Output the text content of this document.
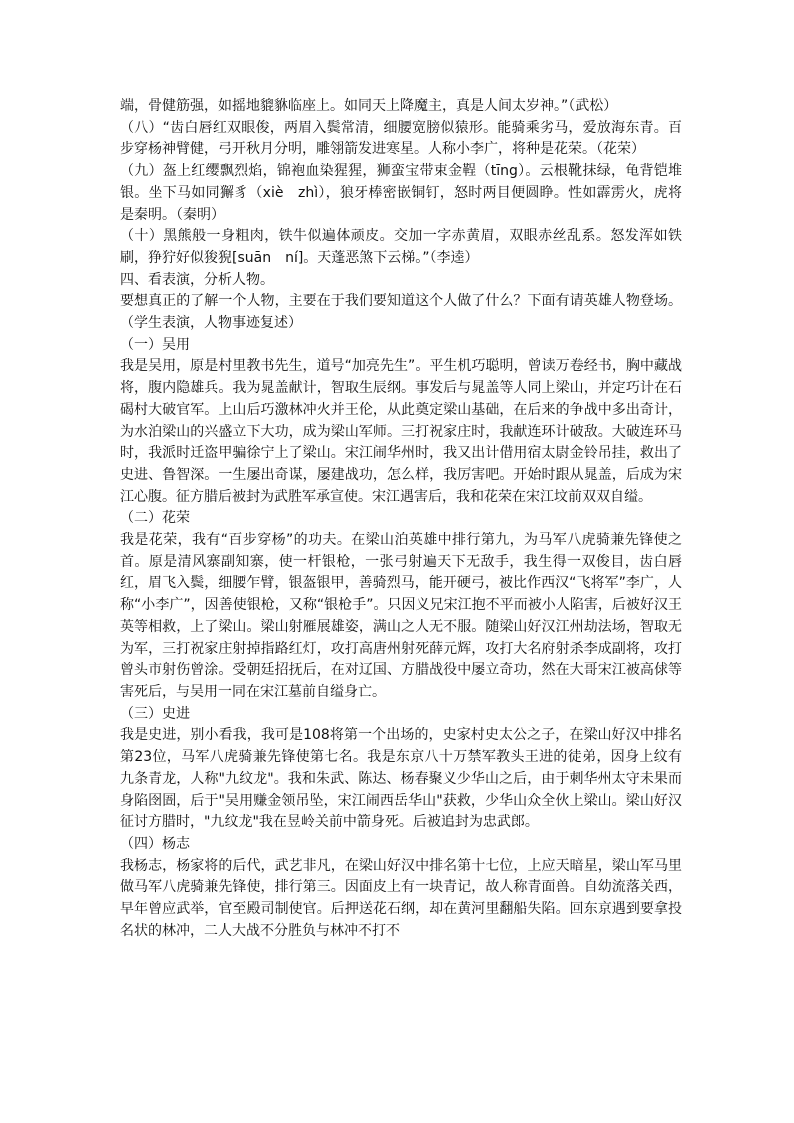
端，骨健筋强，如摇地貔貅临座上。如同天上降魔主，真是人间太岁神。”（武松）

（八）“齿白唇红双眼俊，两眉入鬓常清，细腰宽膀似猿形。能骑乘劣马，爱放海东青。百步穿杨神臂健，弓开秋月分明，雕翎箭发进寒星。人称小李广，将种是花荣。（花荣）

（九）盔上红缨飘烈焰，锦袍血染猩猩，狮蛮宝带束金鞓（tīng）。云根靴抹绿，龟背铠堆银。坐下马如同獬豸（xiè　zhì），狼牙棒密嵌铜钉，怒时两目便圆睁。性如霹雳火，虎将是秦明。（秦明）

（十）黑熊般一身粗肉，铁牛似遍体顽皮。交加一字赤黄眉，双眼赤丝乱系。怒发浑如铁刷，狰狞好似狻猊[suān　ní]。天蓬恶煞下云梯。”（李逵）

四、看表演，分析人物。

要想真正的了解一个人物，主要在于我们要知道这个人做了什么？下面有请英雄人物登场。（学生表演，人物事迹复述）

（一）吴用

我是吴用，原是村里教书先生，道号“加亮先生”。平生机巧聪明，曾读万卷经书，胸中藏战将，腹内隐雄兵。我为晁盖献计，智取生辰纲。事发后与晁盖等人同上梁山，并定巧计在石碣村大破官军。上山后巧激林冲火并王伦，从此奠定梁山基础，在后来的争战中多出奇计，为水泊梁山的兴盛立下大功，成为梁山军师。三打祝家庄时，我献连环计破敌。大破连环马时，我派时迁盗甲骗徐宁上了梁山。宋江闹华州时，我又出计借用宿太尉金铃吊挂，救出了史进、鲁智深。一生屡出奇谋，屡建战功，怎么样，我厉害吧。开始时跟从晁盖，后成为宋江心腹。征方腊后被封为武胜军承宣使。宋江遇害后，我和花荣在宋江坟前双双自缢。

（二）花荣

我是花荣，我有“百步穿杨”的功夫。在梁山泊英雄中排行第九，为马军八虎骑兼先锋使之首。原是清风寨副知寨，使一杆银枪，一张弓射遍天下无敌手，我生得一双俊目，齿白唇红，眉飞入鬓，细腰乍臂，银盔银甲，善骑烈马，能开硬弓，被比作西汉“飞将军”李广，人称“小李广”，因善使银枪，又称“银枪手”。只因义兄宋江抱不平而被小人陷害，后被好汉王英等相救，上了梁山。梁山射雁展雄姿，满山之人无不服。随梁山好汉江州劫法场，智取无为军，三打祝家庄射掉指路红灯，攻打高唐州射死薛元辉，攻打大名府射杀李成副将，攻打曾头市射伤曾涂。受朝廷招抚后，在对辽国、方腊战役中屡立奇功，然在大哥宋江被高俅等害死后，与吴用一同在宋江墓前自缢身亡。

（三）史进

我是史进，别小看我，我可是108将第一个出场的，史家村史太公之子，在梁山好汉中排名第23位，马军八虎骑兼先锋使第七名。我是东京八十万禁军教头王进的徒弟，因身上纹有九条青龙，人称"九纹龙"。我和朱武、陈达、杨春聚义少华山之后，由于刺华州太守未果而身陷囹圄，后于"吴用赚金领吊坠，宋江闹西岳华山"获救，少华山众全伙上梁山。梁山好汉征讨方腊时，"九纹龙"我在昱岭关前中箭身死。后被追封为忠武郎。

（四）杨志

我杨志，杨家将的后代，武艺非凡，在梁山好汉中排名第十七位，上应天暗星，梁山军马里做马军八虎骑兼先锋使，排行第三。因面皮上有一块青记，故人称青面兽。自幼流落关西，早年曾应武举，官至殿司制使官。后押送花石纲，却在黄河里翻船失陷。回东京遇到要拿投名状的林冲，二人大战不分胜负与林冲不打不
